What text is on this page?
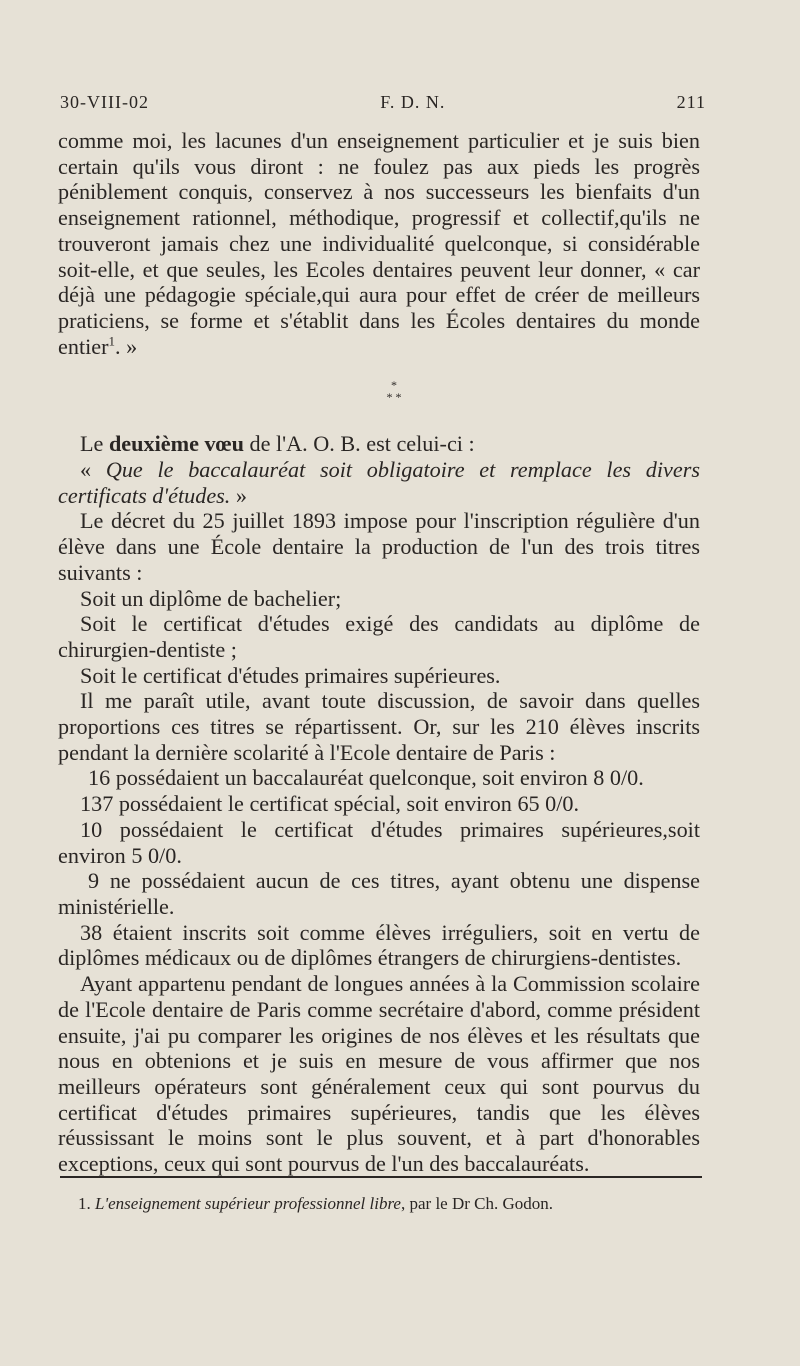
30-VIII-02	F. D. N.	211

comme moi, les lacunes d'un enseignement particulier et je suis bien certain qu'ils vous diront : ne foulez pas aux pieds les progrès péniblement conquis, conservez à nos successeurs les bienfaits d'un enseignement rationnel, méthodique, progressif et collectif,qu'ils ne trouveront jamais chez une individualité quelconque, si considérable soit-elle, et que seules, les Ecoles dentaires peuvent leur donner, « car déjà une pédagogie spéciale,qui aura pour effet de créer de meilleurs praticiens, se forme et s'établit dans les Écoles dentaires du monde entier$^1$. »

*
* *

Le deuxième vœu de l'A. O. B. est celui-ci :

« Que le baccalauréat soit obligatoire et remplace les divers certificats d'études. »

Le décret du 25 juillet 1893 impose pour l'inscription régulière d'un élève dans une École dentaire la production de l'un des trois titres suivants :

Soit un diplôme de bachelier;

Soit le certificat d'études exigé des candidats au diplôme de chirurgien-dentiste ;

Soit le certificat d'études primaires supérieures.

Il me paraît utile, avant toute discussion, de savoir dans quelles proportions ces titres se répartissent. Or, sur les 210 élèves inscrits pendant la dernière scolarité à l'Ecole dentaire de Paris :

16 possédaient un baccalauréat quelconque, soit environ 8 0/0.

137 possédaient le certificat spécial, soit environ 65 0/0.

10 possédaient le certificat d'études primaires supérieures,soit environ 5 0/0.

9 ne possédaient aucun de ces titres, ayant obtenu une dispense ministérielle.

38 étaient inscrits soit comme élèves irréguliers, soit en vertu de diplômes médicaux ou de diplômes étrangers de chirurgiens-dentistes.

Ayant appartenu pendant de longues années à la Commission scolaire de l'Ecole dentaire de Paris comme secrétaire d'abord, comme président ensuite, j'ai pu comparer les origines de nos élèves et les résultats que nous en obtenions et je suis en mesure de vous affirmer que nos meilleurs opérateurs sont généralement ceux qui sont pourvus du certificat d'études primaires supérieures, tandis que les élèves réussissant le moins sont le plus souvent, et à part d'honorables exceptions, ceux qui sont pourvus de l'un des baccalauréats.

1. L'enseignement supérieur professionnel libre, par le Dr Ch. Godon.
